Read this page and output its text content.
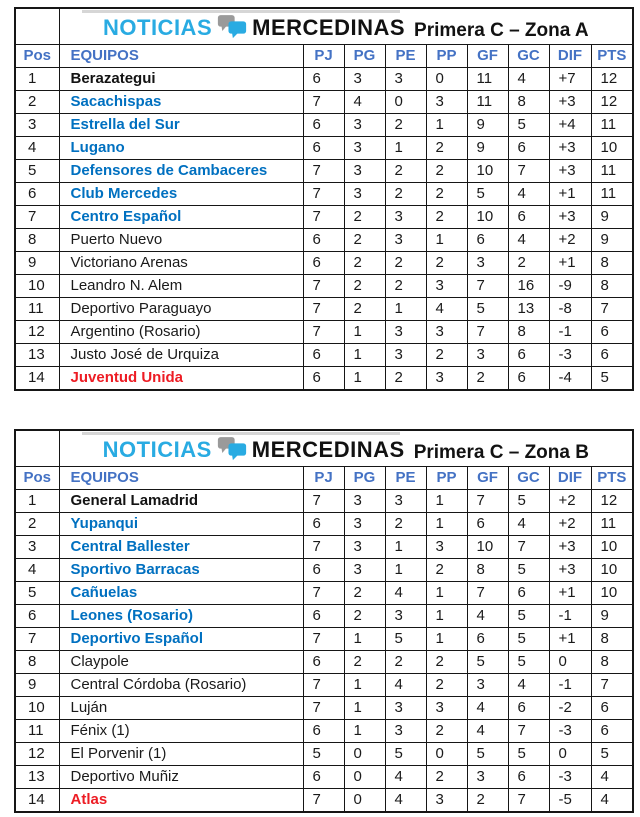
	NOTICIAS MERCEDINAS Primera C – Zona A								

Pos	EQUIPOS	PJ	PG	PE	PP	GF	GC	DIF	PTS
1	Berazategui	6	3	3	0	11	4	+7	12
2	Sacachispas	7	4	0	3	11	8	+3	12
3	Estrella del Sur	6	3	2	1	9	5	+4	11
4	Lugano	6	3	1	2	9	6	+3	10
5	Defensores de Cambaceres	7	3	2	2	10	7	+3	11
6	Club Mercedes	7	3	2	2	5	4	+1	11
7	Centro Español	7	2	3	2	10	6	+3	9
8	Puerto Nuevo	6	2	3	1	6	4	+2	9
9	Victoriano Arenas	6	2	2	2	3	2	+1	8
10	Leandro N. Alem	7	2	2	3	7	16	-9	8
11	Deportivo Paraguayo	7	2	1	4	5	13	-8	7
12	Argentino (Rosario)	7	1	3	3	7	8	-1	6
13	Justo José de Urquiza	6	1	3	2	3	6	-3	6
14	Juventud Unida	6	1	2	3	2	6	-4	5

	NOTICIAS MERCEDINAS Primera C – Zona B								

Pos	EQUIPOS	PJ	PG	PE	PP	GF	GC	DIF	PTS
1	General Lamadrid	7	3	3	1	7	5	+2	12
2	Yupanqui	6	3	2	1	6	4	+2	11
3	Central Ballester	7	3	1	3	10	7	+3	10
4	Sportivo Barracas	6	3	1	2	8	5	+3	10
5	Cañuelas	7	2	4	1	7	6	+1	10
6	Leones (Rosario)	6	2	3	1	4	5	-1	9
7	Deportivo Español	7	1	5	1	6	5	+1	8
8	Claypole	6	2	2	2	5	5	0	8
9	Central Córdoba (Rosario)	7	1	4	2	3	4	-1	7
10	Luján	7	1	3	3	4	6	-2	6
11	Fénix (1)	6	1	3	2	4	7	-3	6
12	El Porvenir (1)	5	0	5	0	5	5	0	5
13	Deportivo Muñiz	6	0	4	2	3	6	-3	4
14	Atlas	7	0	4	3	2	7	-5	4
